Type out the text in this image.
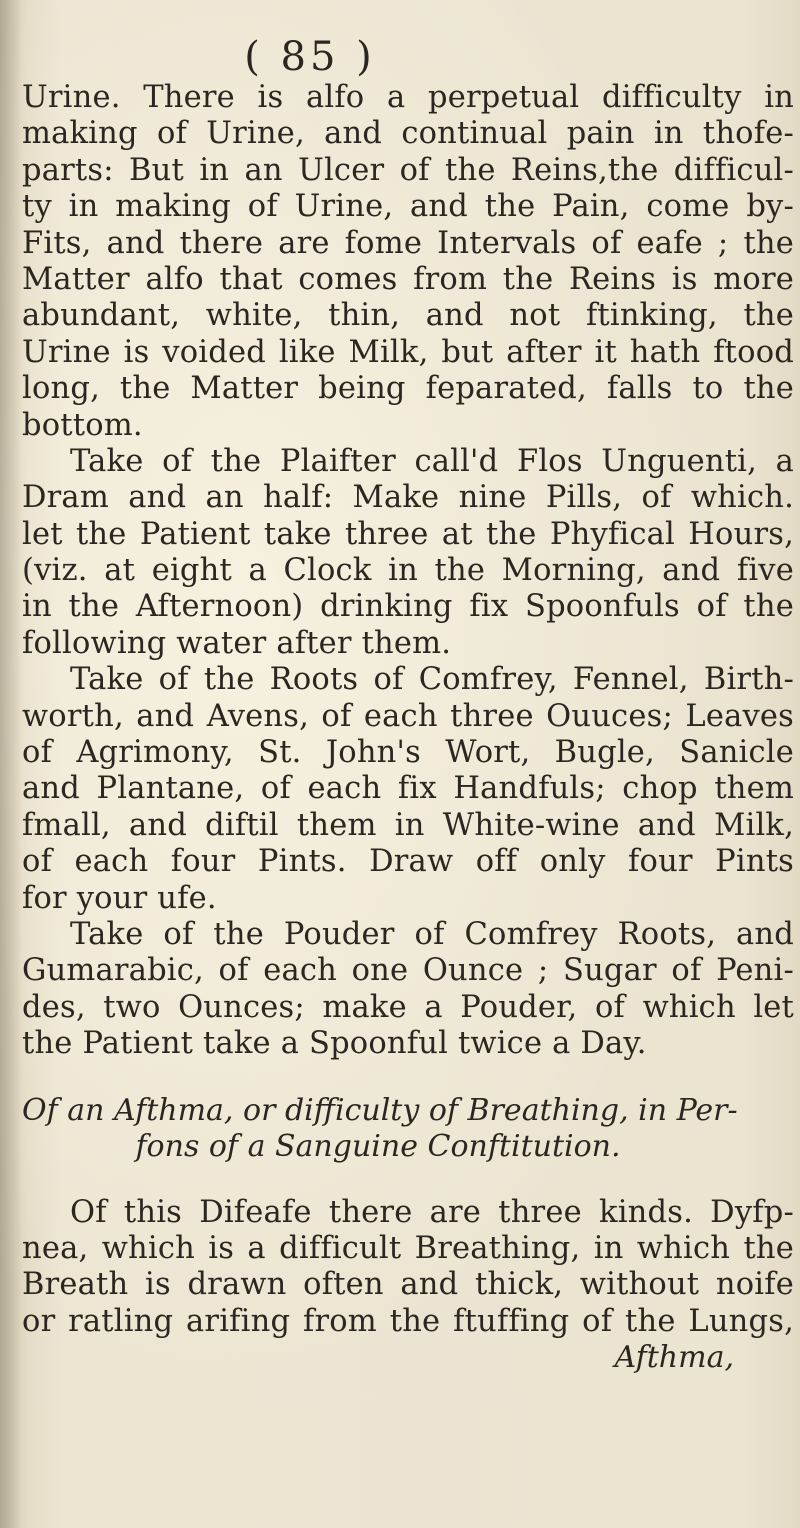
( 85 )
Urine. There is alfo a perpetual difficulty in
making of Urine, and continual pain in thofe-
parts: But in an Ulcer of the Reins,the difficul-
ty in making of Urine, and the Pain, come by-
Fits, and there are fome Intervals of eafe ; the
Matter alfo that comes from the Reins is more
abundant, white, thin, and not ftinking, the
Urine is voided like Milk, but after it hath ftood
long, the Matter being feparated, falls to the
bottom.
Take of the Plaifter call'd Flos Unguenti, a
Dram and an half: Make nine Pills, of which.
let the Patient take three at the Phyfical Hours,
(viz. at eight a Clock in the Morning, and five
in the Afternoon) drinking fix Spoonfuls of the
following water after them.
Take of the Roots of Comfrey, Fennel, Birth-
worth, and Avens, of each three Ouuces; Leaves
of Agrimony, St. John's Wort, Bugle, Sanicle
and Plantane, of each fix Handfuls; chop them
fmall, and diftil them in White-wine and Milk,
of each four Pints. Draw off only four Pints
for your ufe.
Take of the Pouder of Comfrey Roots, and
Gumarabic, of each one Ounce ; Sugar of Peni-
des, two Ounces; make a Pouder, of which let
the Patient take a Spoonful twice a Day.
Of an Afthma, or difficulty of Breathing, in Per-
fons of a Sanguine Conftitution.
Of this Difeafe there are three kinds. Dyfp-
nea, which is a difficult Breathing, in which the
Breath is drawn often and thick, without noife
or ratling arifing from the ftuffing of the Lungs,
Afthma,
